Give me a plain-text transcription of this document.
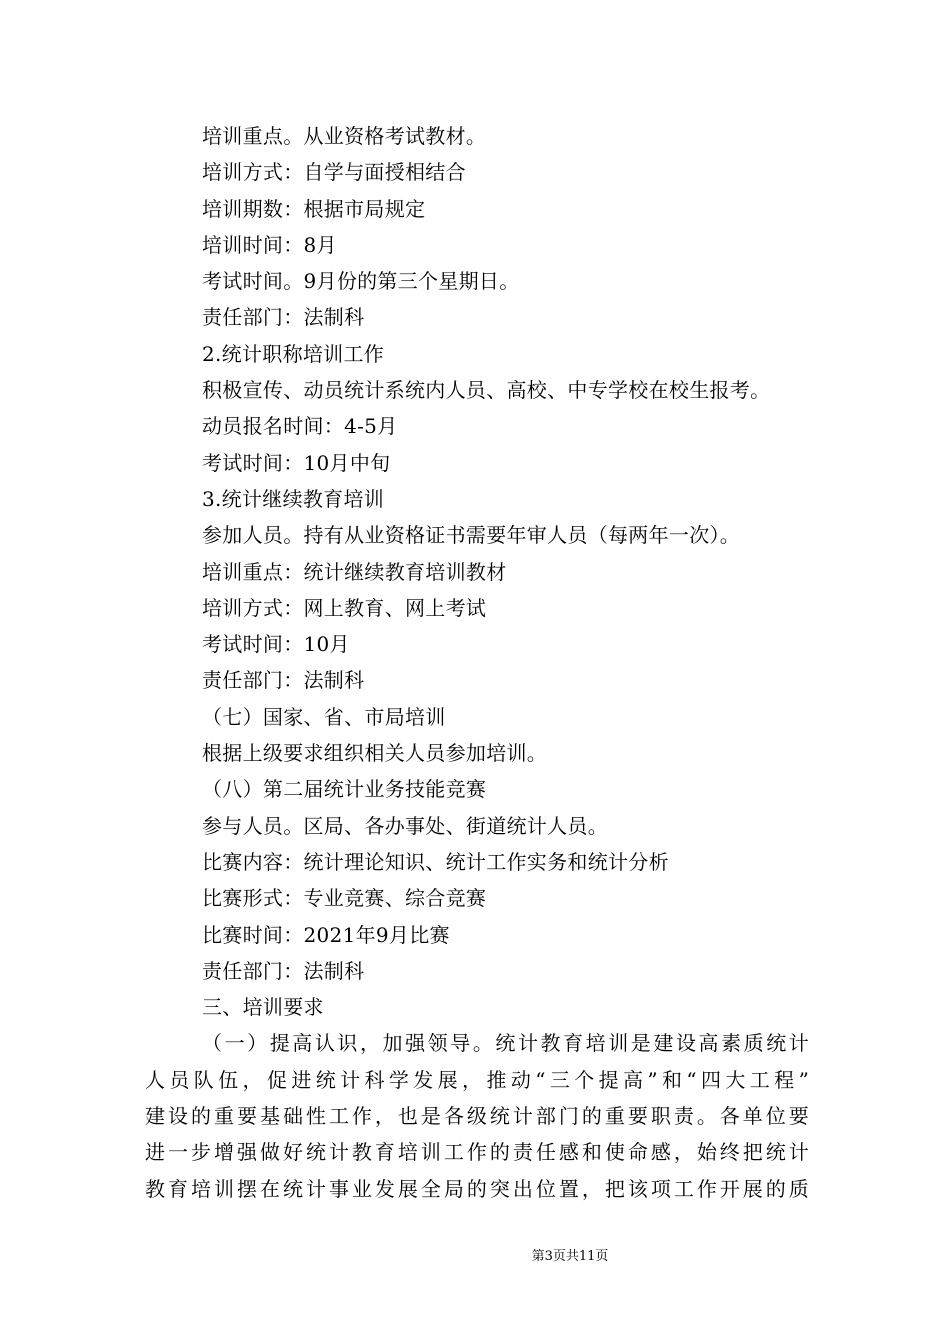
培训重点。从业资格考试教材。
培训方式：自学与面授相结合
培训期数：根据市局规定
培训时间：8月
考试时间。9月份的第三个星期日。
责任部门：法制科
2.统计职称培训工作
积极宣传、动员统计系统内人员、高校、中专学校在校生报考。
动员报名时间：4-5月
考试时间：10月中旬
3.统计继续教育培训
参加人员。持有从业资格证书需要年审人员（每两年一次）。
培训重点：统计继续教育培训教材
培训方式：网上教育、网上考试
考试时间：10月
责任部门：法制科
（七）国家、省、市局培训
根据上级要求组织相关人员参加培训。
（八）第二届统计业务技能竞赛
参与人员。区局、各办事处、街道统计人员。
比赛内容：统计理论知识、统计工作实务和统计分析
比赛形式：专业竞赛、综合竞赛
比赛时间：2021年9月比赛
责任部门：法制科
三、培训要求
（一）提高认识，加强领导。统计教育培训是建设高素质统计
人员队伍，促进统计科学发展，推动“三个提高”和“四大工程”
建设的重要基础性工作，也是各级统计部门的重要职责。各单位要
进一步增强做好统计教育培训工作的责任感和使命感，始终把统计
教育培训摆在统计事业发展全局的突出位置，把该项工作开展的质
第3页共11页
